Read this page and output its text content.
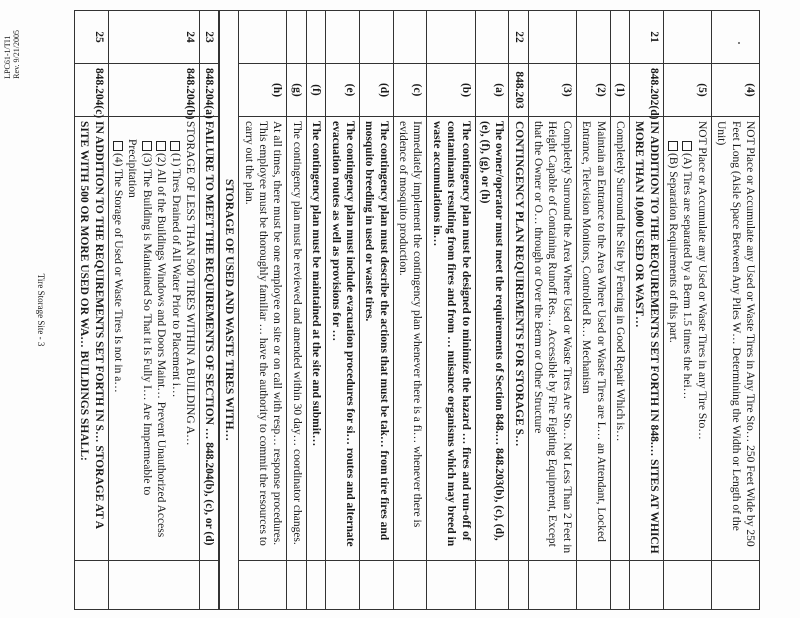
LPC61-1/TI1
Rev. 9/21/2005
	(4)	NOT Place or Accumulate any Used or Waste Tires in Any Tire Sto… 250 Feet Wide by 250 Feet Long (Aisle Space Between Any Piles W… Determining the Width or Length of the Unit)	

	(5)	NOT Place or Accumulate any Used or Waste Tires in any Tire Sto…
(A) Tires are separated by a Berm 1.5 times the hei…
(B) Separation Requirements of this part.	

21	848.202(d)	IN ADDITION TO THE REQUIREMENTS SET FORTH IN 848.… SITES AT WHICH MORE THAN 10,000 USED OR WAST…	

	(1)	Completely Surround the Site by Fencing in Good Repair Which is…	

	(2)	Maintain an Entrance to the Area Where Used or Waste Tires are L… an Attendant, Locked Entrance, Television Monitors, Controlled R… Mechanism	

	(3)	Completely Surround the Area Where Used or Waste Tires Are Sto… Not Less Than 2 Feet in Height Capable of Containing Runoff Res… Accessible by Fire Fighting Equipment, Except that the Owner or O… through or Over the Berm or Other Structure	

22	848.203	CONTINGENCY PLAN REQUIREMENTS FOR STORAGE S…	

	(a)	The owner/operator must meet the requirements of Section 848.… 848.203(b), (c), (d), (e), (f), (g), or (h)	

	(b)	The contingency plan must be designed to minimize the hazard … fires and run-off of contaminants resulting from fires and from … nuisance organisms which may breed in waste accumulations in…	

	(c)	Immediately implement the contingency plan whenever there is a fi… whenever there is evidence of mosquito production.	

	(d)	The contingency plan must describe the actions that must be tak… from tire fires and mosquito breeding in used or waste tires.	

	(e)	The contingency plan must include evacuation procedures for si… routes and alternate evacuation routes as well as provisions for …	

	(f)	The contingency plan must be maintained at the site and submit…	

	(g)	The contingency plan must be reviewed and amended within 30 day… coordinator changes.	

	(h)	At all times, there must be one employee on site or on call with resp… response procedures. This employee must be thoroughly familiar … have the authority to commit the resources to carry out the plan.	

STORAGE OF USED AND WASTE TIRES WITH…
23	848.204(a)	FAILURE TO MEET THE REQUIREMENTS OF SECTION … 848.204(b), (c), or (d)	

24	848.204(b)	STORAGE OF LESS THAN 500 TIRES WITHIN A BUILDING A…
(1) Tires Drained of All Water Prior to Placement i…
(2) All of the Buildings Windows and Doors Maint… Prevent Unauthorized Access
(3) The Building is Maintained So That it Is Fully I… Are Impermeable to Precipitation
(4) The Storage of Used or Waste Tires Is not in a…	

25	848.204(c)	IN ADDITION TO THE REQUIREMENTS SET FORTH IN S… STORAGE AT A SITE WITH 500 OR MORE USED OR WA… BUILDINGS SHALL:	

Tire Storage Site - 3
